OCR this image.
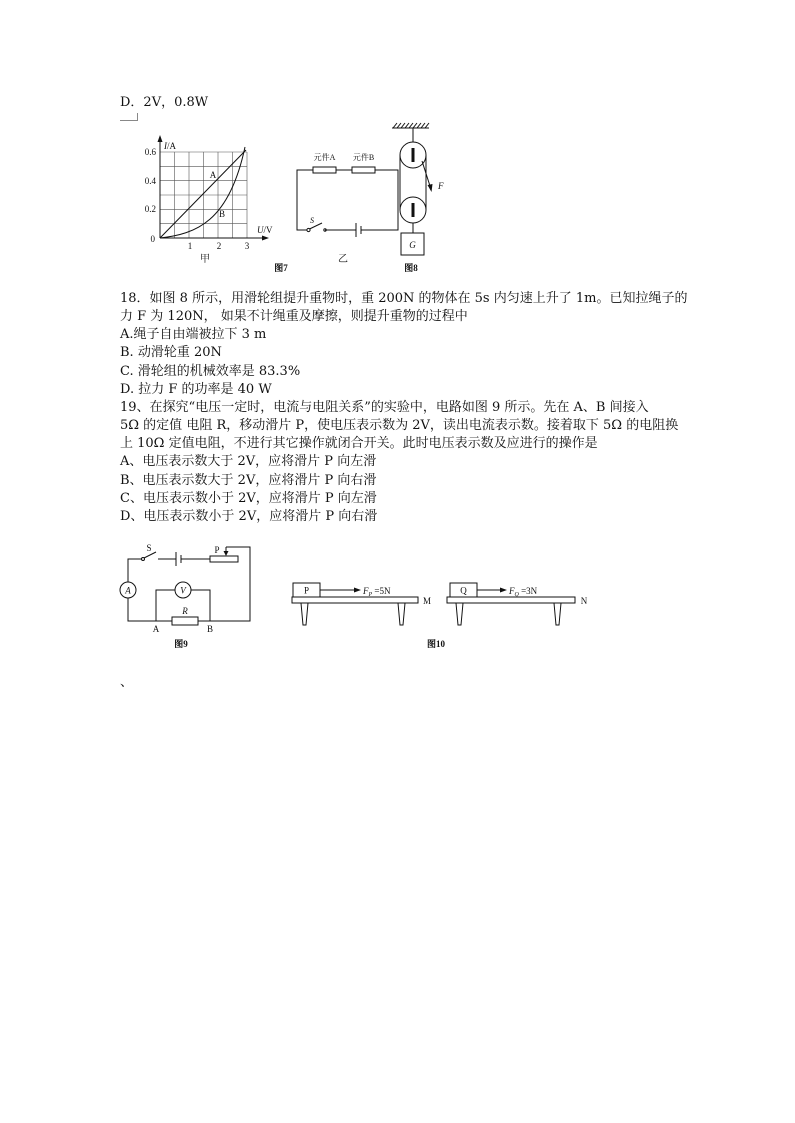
D．2V，0.8W
I/A
0.6
0.4
0.2
0
1	2	3
U/V
A
B
甲
图7
元件A 元件B
S
乙
G
F
图8
18．如图 8 所示，用滑轮组提升重物时，重 200N 的物体在 5s 内匀速上升了 1m。已知拉绳子的
力 F 为 120N， 如果不计绳重及摩擦，则提升重物的过程中
A.绳子自由端被拉下 3 m
B. 动滑轮重 20N
C. 滑轮组的机械效率是 83.3%
D. 拉力 F 的功率是 40 W
19、在探究“电压一定时，电流与电阻关系”的实验中，电路如图 9 所示。先在 A、B 间接入
5Ω 的定值 电阻 R，移动滑片 P，使电压表示数为 2V，读出电流表示数。接着取下 5Ω 的电阻换
上 10Ω 定值电阻，不进行其它操作就闭合开关。此时电压表示数及应进行的操作是
A、电压表示数大于 2V，应将滑片 P 向左滑
B、电压表示数大于 2V，应将滑片 P 向右滑
C、电压表示数小于 2V，应将滑片 P 向左滑
D、电压表示数小于 2V，应将滑片 P 向右滑
A	V
R
S	P
A	B
图9
P	$F_P =5N$
M
Q	$F_Q =3N$
N
图10
、
